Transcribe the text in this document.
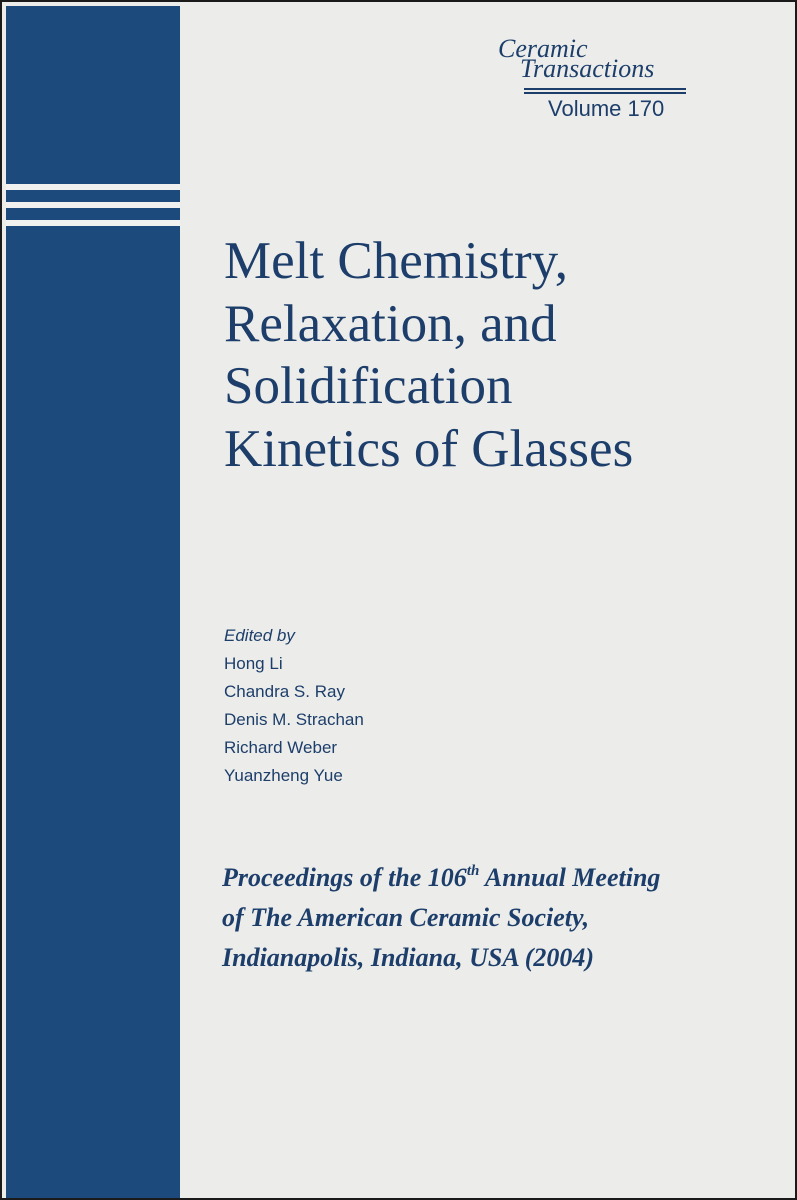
Ceramic
Transactions
Volume 170
Melt Chemistry,
Relaxation, and
Solidification
Kinetics of Glasses
Edited by
Hong Li
Chandra S. Ray
Denis M. Strachan
Richard Weber
Yuanzheng Yue
Proceedings of the 106th Annual Meeting
of The American Ceramic Society,
Indianapolis, Indiana, USA (2004)
